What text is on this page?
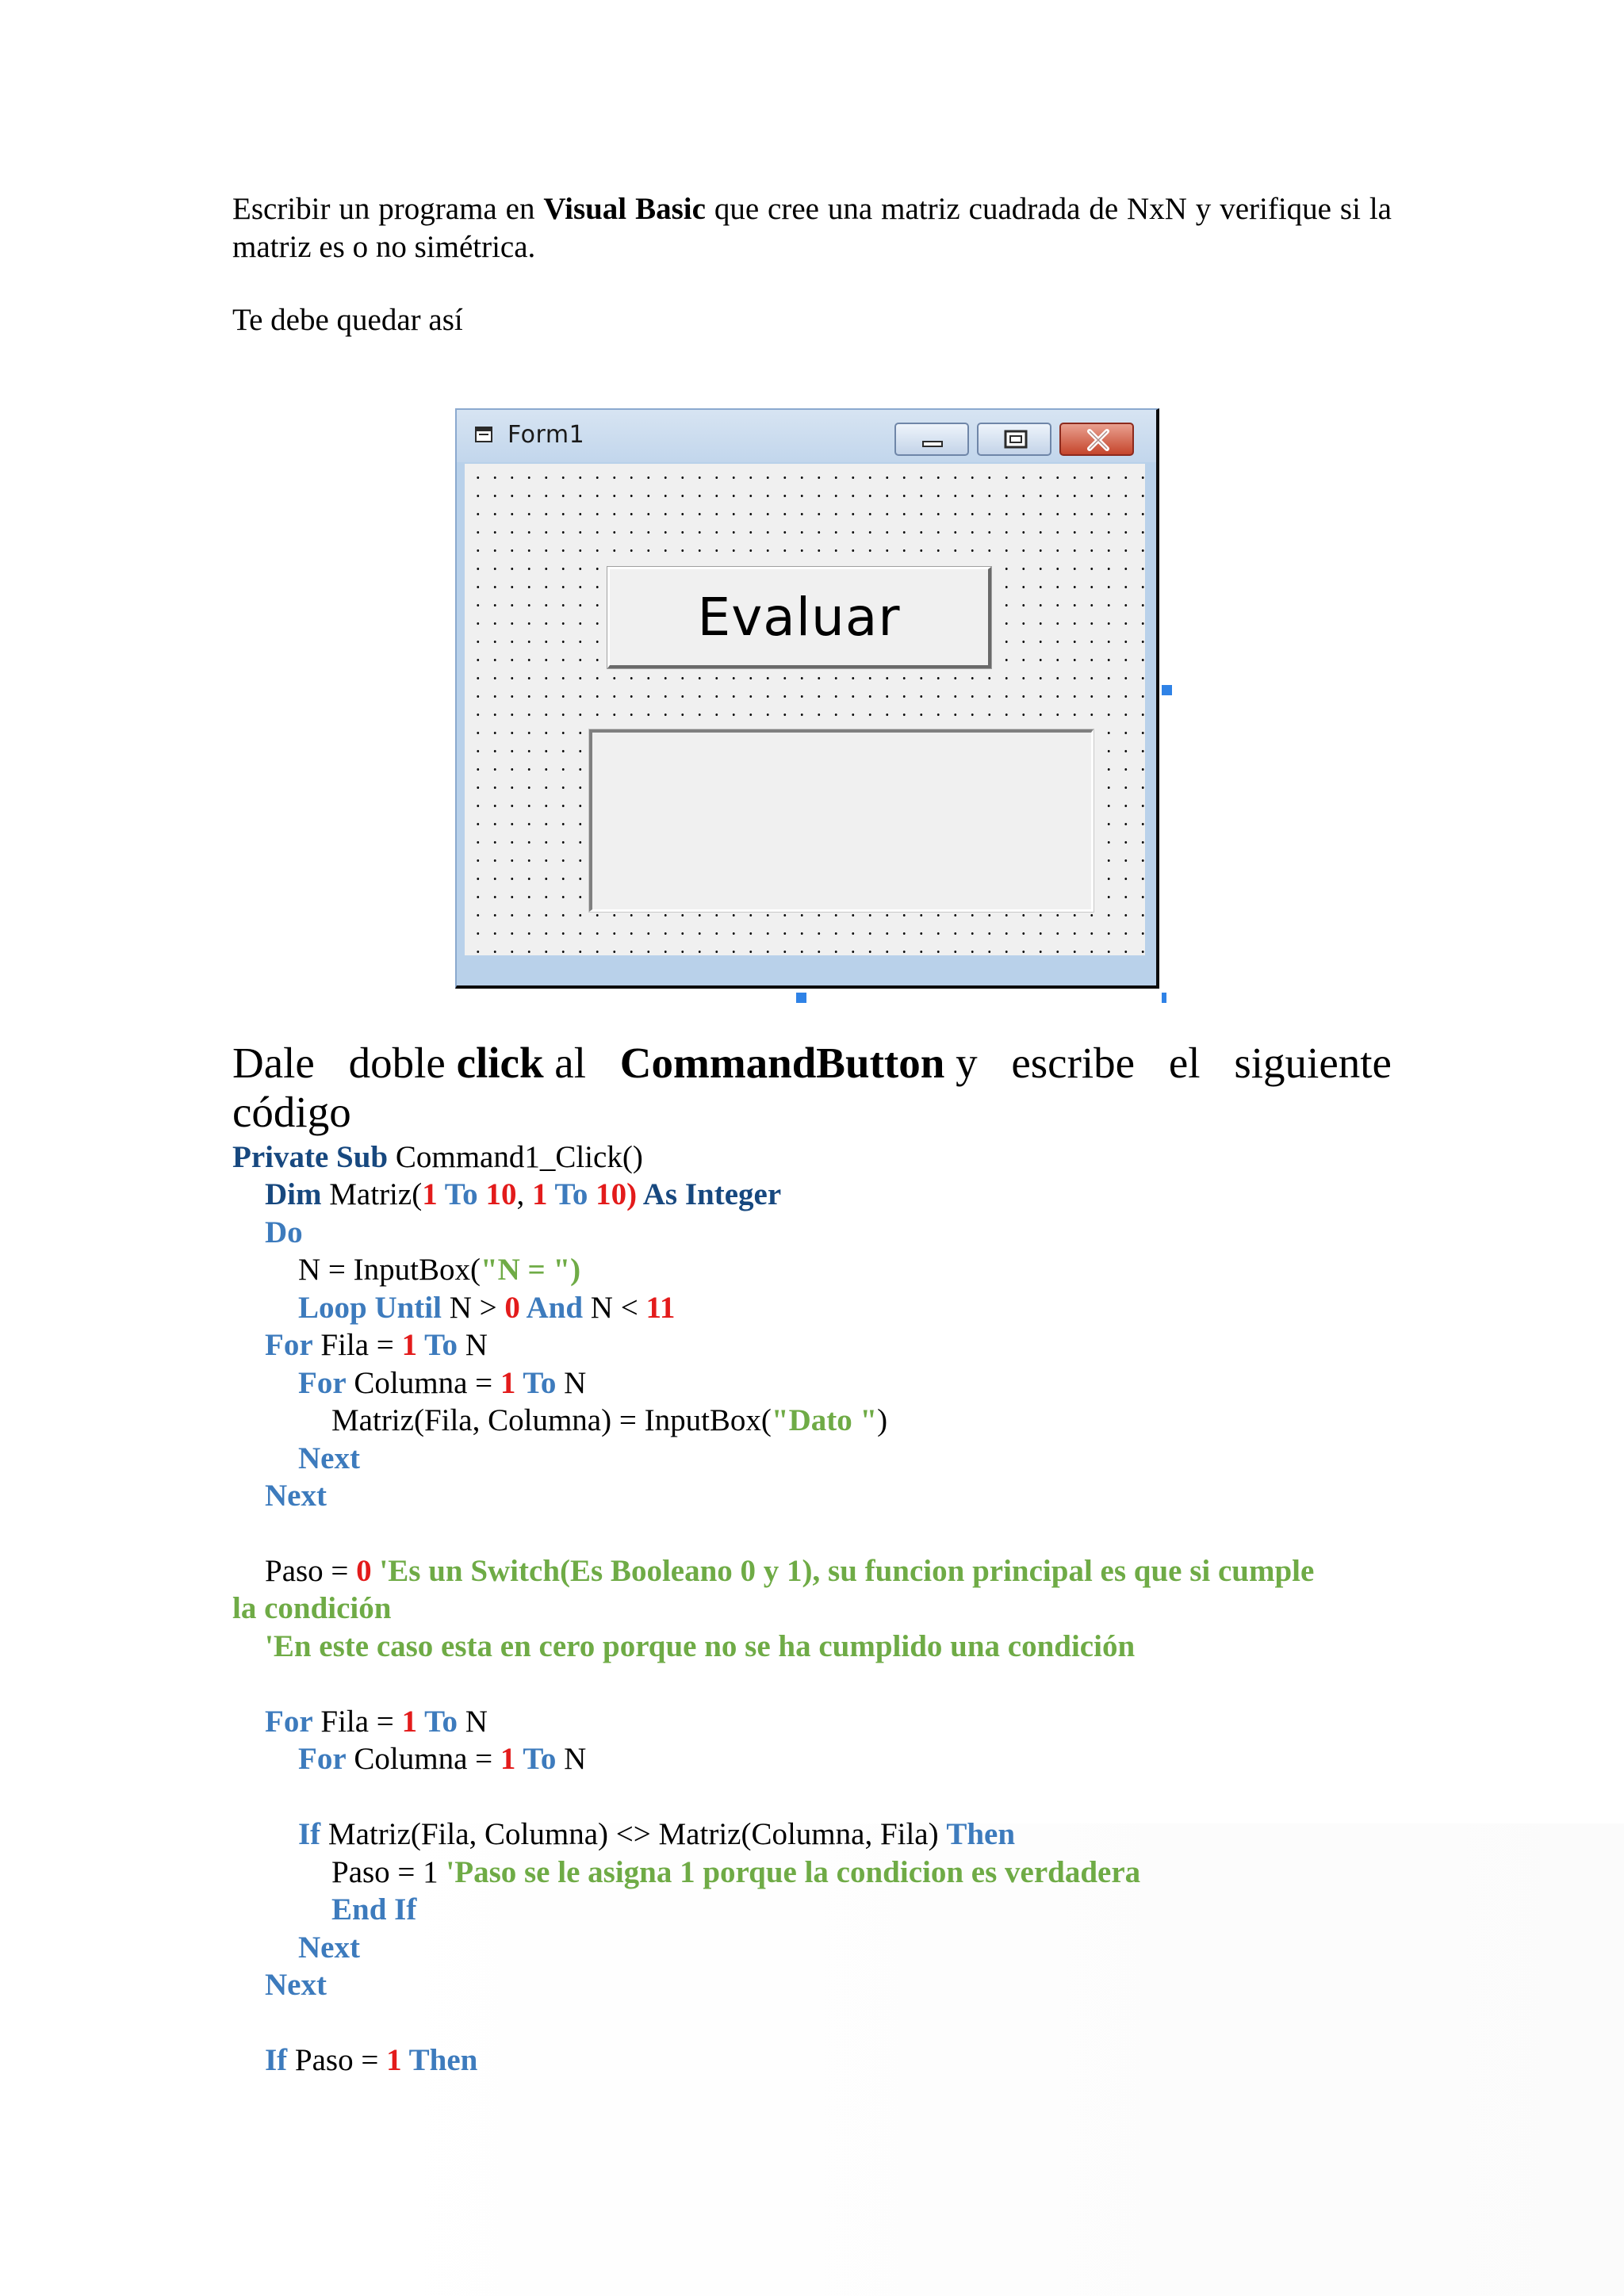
Escribir un programa en Visual Basic que cree una matriz cuadrada de NxN y verifique si la matriz es o no simétrica.
Te debe quedar así
Form1
Evaluar
Dale doble click al CommandButton y escribe el siguiente
código
Private Sub Command1_Click()
Dim Matriz(1 To 10, 1 To 10) As Integer
Do
N = InputBox("N = ")
Loop Until N > 0 And N < 11
For Fila = 1 To N
For Columna = 1 To N
Matriz(Fila, Columna) = InputBox("Dato ")
Next
Next
Paso = 0 'Es un Switch(Es Booleano 0 y 1), su funcion principal es que si cumple
la condición
'En este caso esta en cero porque no se ha cumplido una condición
For Fila = 1 To N
For Columna = 1 To N
If Matriz(Fila, Columna) <> Matriz(Columna, Fila) Then
Paso = 1 'Paso se le asigna 1 porque la condicion es verdadera
End If
Next
Next
If Paso = 1 Then
